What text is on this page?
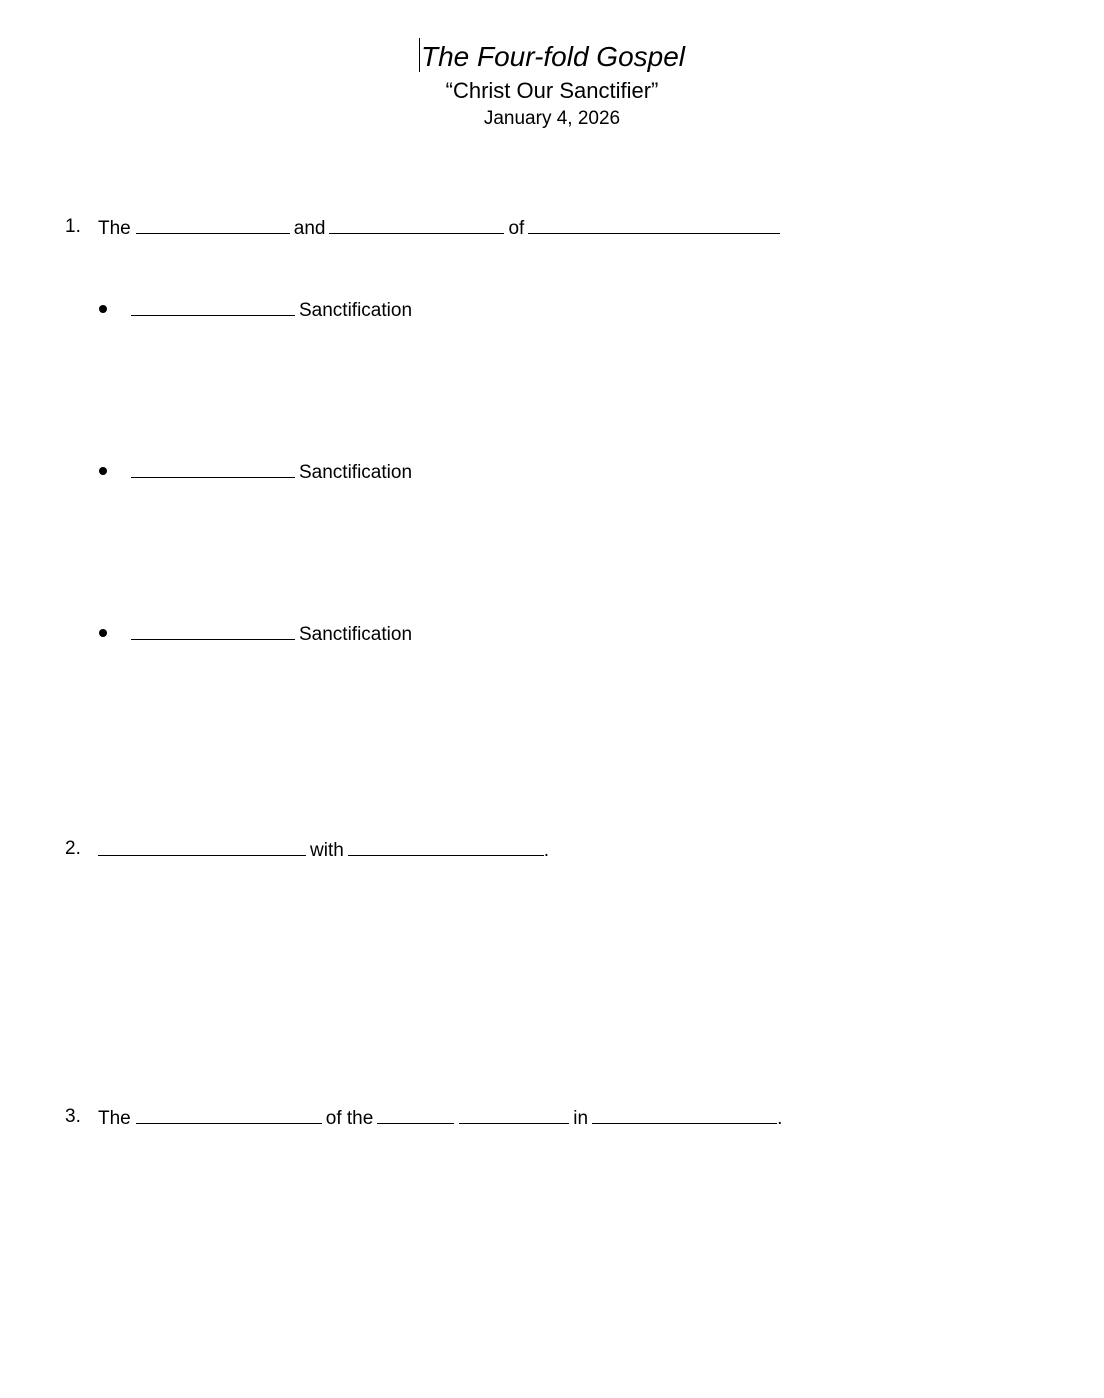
The Four-fold Gospel
“Christ Our Sanctifier”
January 4, 2026
1. The	and	of
Sanctification
Sanctification
Sanctification
2.	with	.
3. The	of the	in	.
